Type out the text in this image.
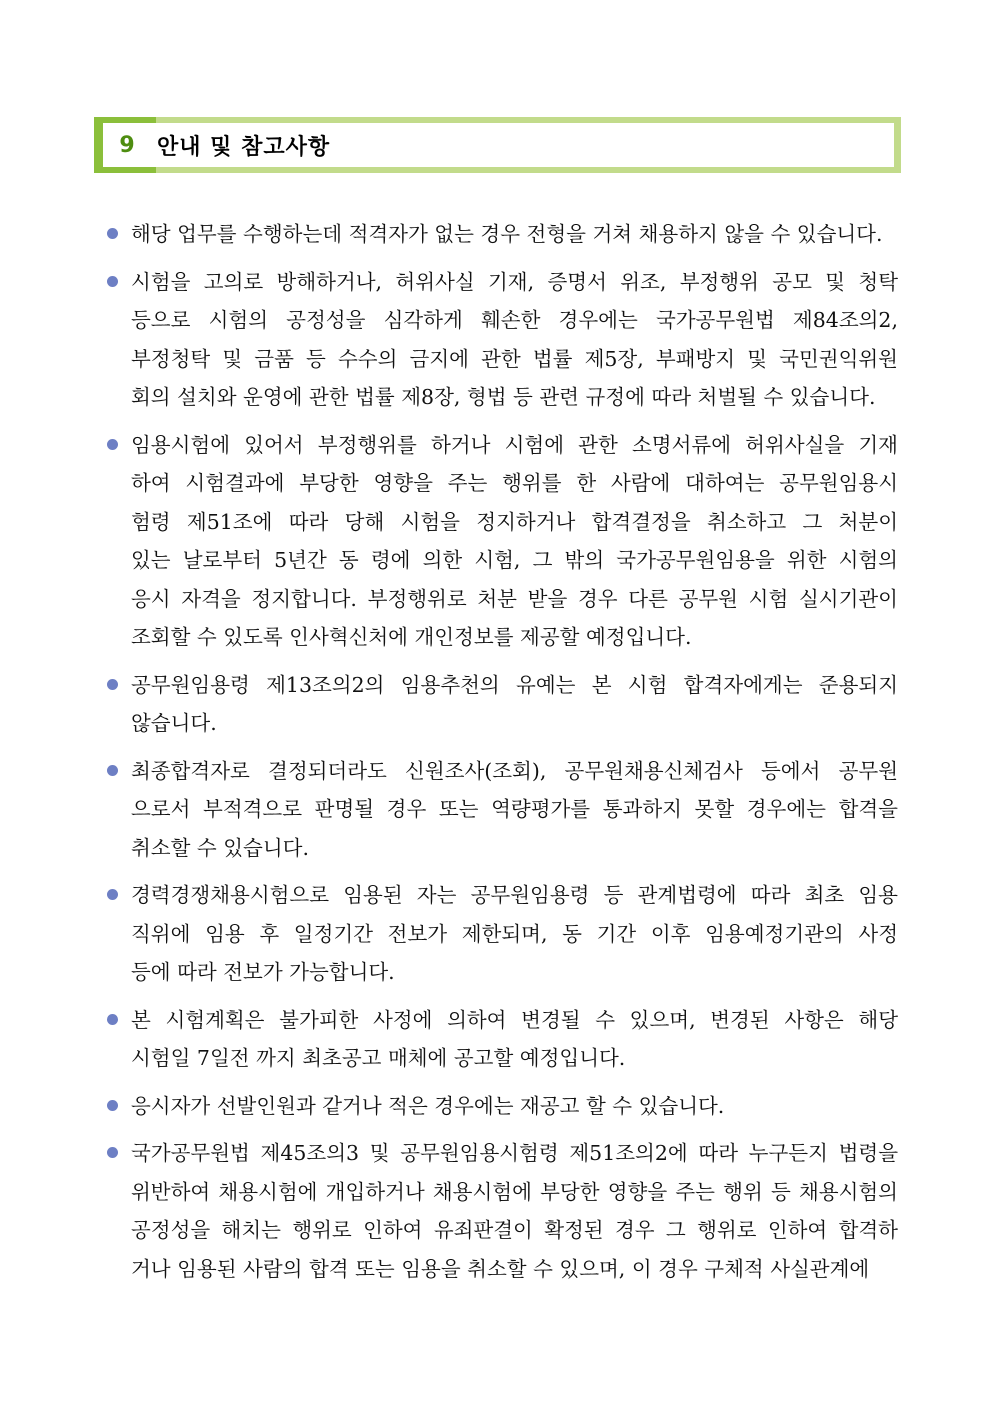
9	안내 및 참고사항
해당 업무를 수행하는데 적격자가 없는 경우 전형을 거쳐 채용하지 않을 수 있습니다.
시험을 고의로 방해하거나, 허위사실 기재, 증명서 위조, 부정행위 공모 및 청탁
등으로 시험의 공정성을 심각하게 훼손한 경우에는 국가공무원법 제84조의2,
부정청탁 및 금품 등 수수의 금지에 관한 법률 제5장, 부패방지 및 국민권익위원
회의 설치와 운영에 관한 법률 제8장, 형법 등 관련 규정에 따라 처벌될 수 있습니다.
임용시험에 있어서 부정행위를 하거나 시험에 관한 소명서류에 허위사실을 기재
하여 시험결과에 부당한 영향을 주는 행위를 한 사람에 대하여는 공무원임용시
험령 제51조에 따라 당해 시험을 정지하거나 합격결정을 취소하고 그 처분이
있는 날로부터 5년간 동 령에 의한 시험, 그 밖의 국가공무원임용을 위한 시험의
응시 자격을 정지합니다. 부정행위로 처분 받을 경우 다른 공무원 시험 실시기관이
조회할 수 있도록 인사혁신처에 개인정보를 제공할 예정입니다.
공무원임용령 제13조의2의 임용추천의 유예는 본 시험 합격자에게는 준용되지
않습니다.
최종합격자로 결정되더라도 신원조사(조회), 공무원채용신체검사 등에서 공무원
으로서 부적격으로 판명될 경우 또는 역량평가를 통과하지 못할 경우에는 합격을
취소할 수 있습니다.
경력경쟁채용시험으로 임용된 자는 공무원임용령 등 관계법령에 따라 최초 임용
직위에 임용 후 일정기간 전보가 제한되며, 동 기간 이후 임용예정기관의 사정
등에 따라 전보가 가능합니다.
본 시험계획은 불가피한 사정에 의하여 변경될 수 있으며, 변경된 사항은 해당
시험일 7일전 까지 최초공고 매체에 공고할 예정입니다.
응시자가 선발인원과 같거나 적은 경우에는 재공고 할 수 있습니다.
국가공무원법 제45조의3 및 공무원임용시험령 제51조의2에 따라 누구든지 법령을
위반하여 채용시험에 개입하거나 채용시험에 부당한 영향을 주는 행위 등 채용시험의
공정성을 해치는 행위로 인하여 유죄판결이 확정된 경우 그 행위로 인하여 합격하
거나 임용된 사람의 합격 또는 임용을 취소할 수 있으며, 이 경우 구체적 사실관계에
